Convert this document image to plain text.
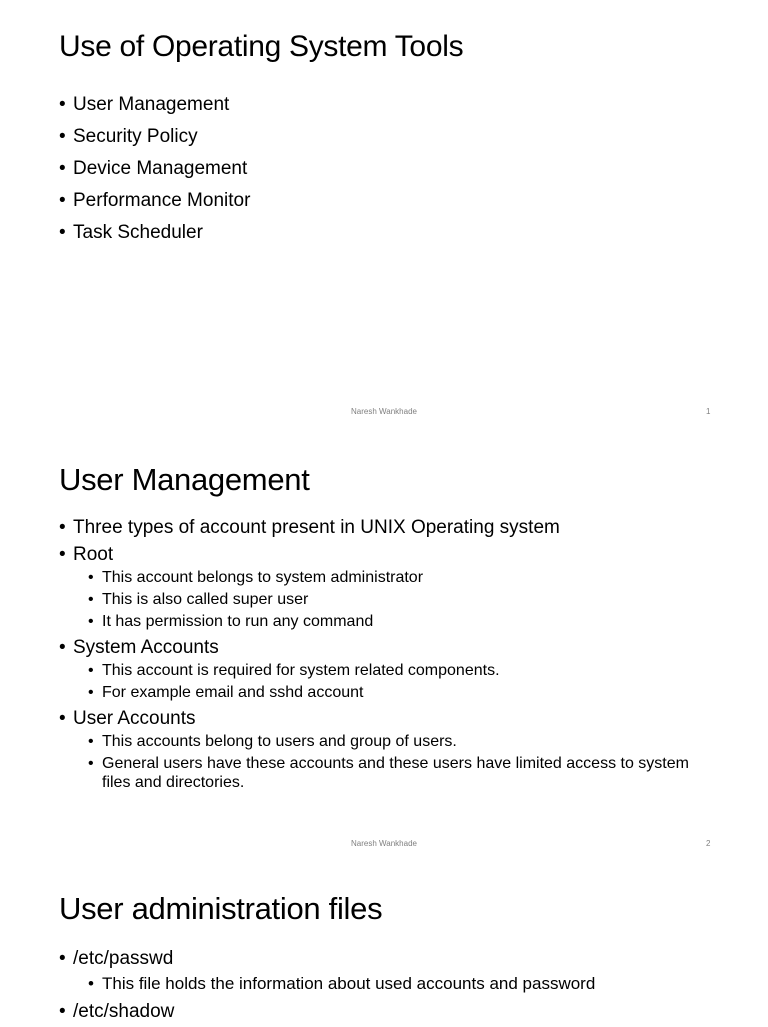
Use of Operating System Tools
• User Management
• Security Policy
• Device Management
• Performance Monitor
• Task Scheduler
Naresh Wankhade	1
User Management
Naresh Wankhade	2
• Three types of account present in UNIX Operating system
• Root
• This account belongs to system administrator
• This is also called super user
• It has permission to run any command
• System Accounts
• This account is required for system related components.
• For example email and sshd account
• User Accounts
• This accounts belong to users and group of users.
• General users have these accounts and these users have limited access to system files and directories.
User administration files
• /etc/passwd
• This file holds the information about used accounts and password
• /etc/shadow
